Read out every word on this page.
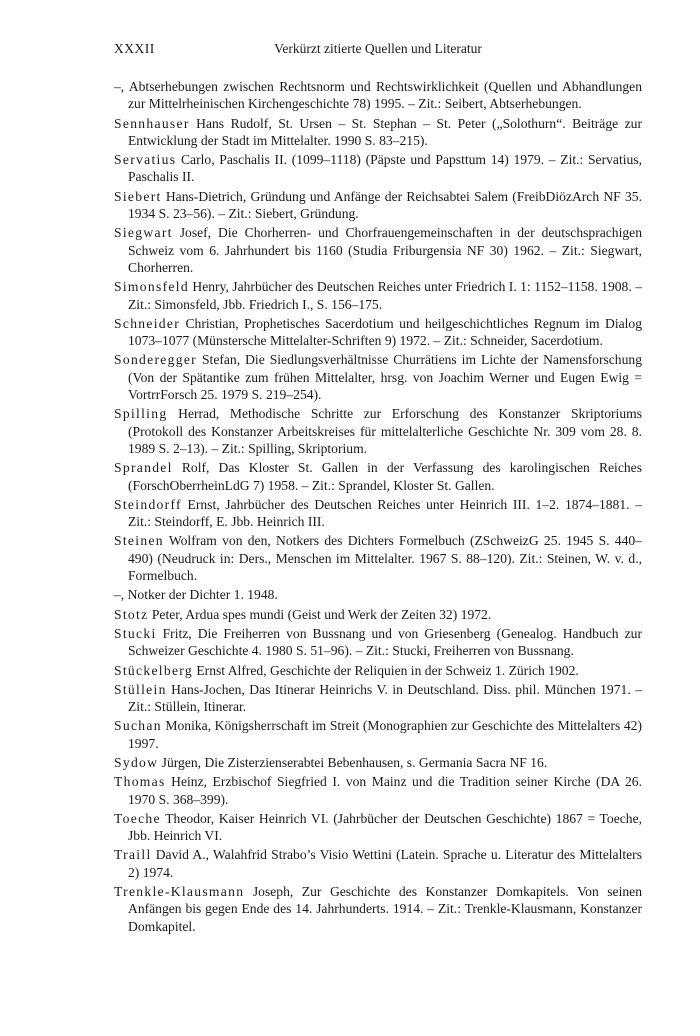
XXXII	Verkürzt zitierte Quellen und Literatur
–, Abtserhebungen zwischen Rechtsnorm und Rechtswirklichkeit (Quellen und Abhandlungen zur Mittelrheinischen Kirchengeschichte 78) 1995. – Zit.: Seibert, Abtserhebungen.
Sennhauser Hans Rudolf, St. Ursen – St. Stephan – St. Peter („Solothurn“. Beiträge zur Entwicklung der Stadt im Mittelalter. 1990 S. 83–215).
Servatius Carlo, Paschalis II. (1099–1118) (Päpste und Papsttum 14) 1979. – Zit.: Servatius, Paschalis II.
Siebert Hans-Dietrich, Gründung und Anfänge der Reichsabtei Salem (FreibDiözArch NF 35. 1934 S. 23–56). – Zit.: Siebert, Gründung.
Siegwart Josef, Die Chorherren- und Chorfrauengemeinschaften in der deutschsprachigen Schweiz vom 6. Jahrhundert bis 1160 (Studia Friburgensia NF 30) 1962. – Zit.: Siegwart, Chorherren.
Simonsfeld Henry, Jahrbücher des Deutschen Reiches unter Friedrich I. 1: 1152–1158. 1908. – Zit.: Simonsfeld, Jbb. Friedrich I., S. 156–175.
Schneider Christian, Prophetisches Sacerdotium und heilgeschichtliches Regnum im Dialog 1073–1077 (Münstersche Mittelalter-Schriften 9) 1972. – Zit.: Schneider, Sacerdotium.
Sonderegger Stefan, Die Siedlungsverhältnisse Churrätiens im Lichte der Namensforschung (Von der Spätantike zum frühen Mittelalter, hrsg. von Joachim Werner und Eugen Ewig = VortrrForsch 25. 1979 S. 219–254).
Spilling Herrad, Methodische Schritte zur Erforschung des Konstanzer Skriptoriums (Protokoll des Konstanzer Arbeitskreises für mittelalterliche Geschichte Nr. 309 vom 28. 8. 1989 S. 2–13). – Zit.: Spilling, Skriptorium.
Sprandel Rolf, Das Kloster St. Gallen in der Verfassung des karolingischen Reiches (ForschOberrheinLdG 7) 1958. – Zit.: Sprandel, Kloster St. Gallen.
Steindorff Ernst, Jahrbücher des Deutschen Reiches unter Heinrich III. 1–2. 1874–1881. – Zit.: Steindorff, E. Jbb. Heinrich III.
Steinen Wolfram von den, Notkers des Dichters Formelbuch (ZSchweizG 25. 1945 S. 440–490) (Neudruck in: Ders., Menschen im Mittelalter. 1967 S. 88–120). Zit.: Steinen, W. v. d., Formelbuch.
–, Notker der Dichter 1. 1948.
Stotz Peter, Ardua spes mundi (Geist und Werk der Zeiten 32) 1972.
Stucki Fritz, Die Freiherren von Bussnang und von Griesenberg (Genealog. Handbuch zur Schweizer Geschichte 4. 1980 S. 51–96). – Zit.: Stucki, Freiherren von Bussnang.
Stückelberg Ernst Alfred, Geschichte der Reliquien in der Schweiz 1. Zürich 1902.
Stüllein Hans-Jochen, Das Itinerar Heinrichs V. in Deutschland. Diss. phil. München 1971. – Zit.: Stüllein, Itinerar.
Suchan Monika, Königsherrschaft im Streit (Monographien zur Geschichte des Mittelalters 42) 1997.
Sydow Jürgen, Die Zisterzienserabtei Bebenhausen, s. Germania Sacra NF 16.
Thomas Heinz, Erzbischof Siegfried I. von Mainz und die Tradition seiner Kirche (DA 26. 1970 S. 368–399).
Toeche Theodor, Kaiser Heinrich VI. (Jahrbücher der Deutschen Geschichte) 1867 = Toeche, Jbb. Heinrich VI.
Traill David A., Walahfrid Strabo’s Visio Wettini (Latein. Sprache u. Literatur des Mittelalters 2) 1974.
Trenkle-Klausmann Joseph, Zur Geschichte des Konstanzer Domkapitels. Von seinen Anfängen bis gegen Ende des 14. Jahrhunderts. 1914. – Zit.: Trenkle-Klausmann, Konstanzer Domkapitel.
